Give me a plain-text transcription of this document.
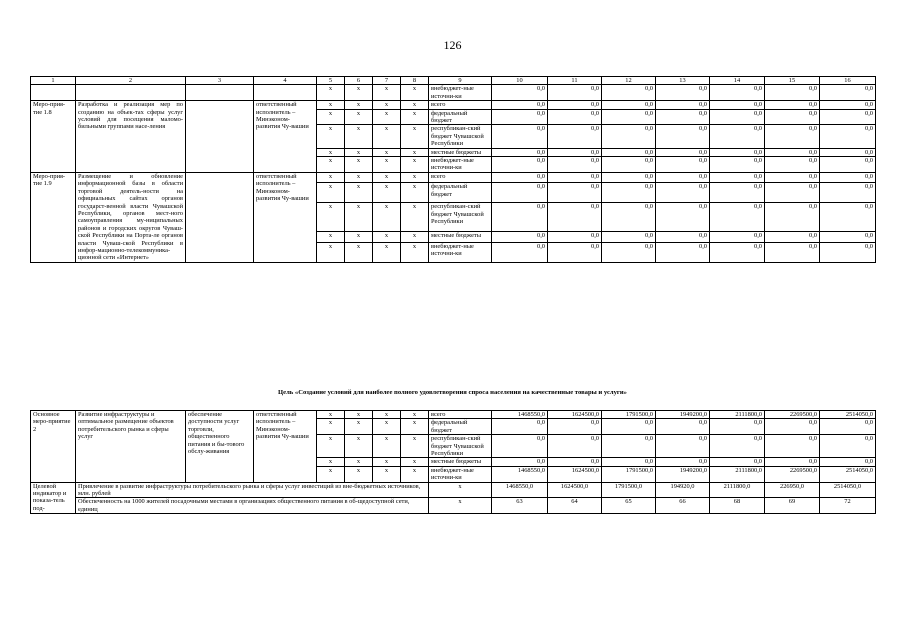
126
1	2	3	4	5	6	7	8	9	10	11	12	13	14	15	16
				x	x	x	x	внебюджет-ные источни-ки	0,0	0,0	0,0	0,0	0,0	0,0	0,0
Меро-прия-тие 1.8	Разработка и реализация мер по созданию на объек-тах сферы услуг условий для посещения маломо-бильными группами насе-ления		ответственный исполнитель – Минэконом-развития Чу-вашии	x	x	x	x	всего	0,0	0,0	0,0	0,0	0,0	0,0	0,0
				x	x	x	x	федеральный бюджет	0,0	0,0	0,0	0,0	0,0	0,0	0,0
				x	x	x	x	республикан-ский бюджет Чувашской Республики	0,0	0,0	0,0	0,0	0,0	0,0	0,0
				x	x	x	x	местные бюджеты	0,0	0,0	0,0	0,0	0,0	0,0	0,0
				x	x	x	x	внебюджет-ные источни-ки	0,0	0,0	0,0	0,0	0,0	0,0	0,0
Меро-прия-тие 1.9	Размещение и обновление информационной базы в области торговой деятель-ности на официальных сайтах органов государст-венной власти Чувашской Республики, органов мест-ного самоуправления му-ниципальных районов и городских округов Чуваш-ской Республики на Порта-ле органов власти Чуваш-ской Республики в инфор-мационно-телекоммуника-ционной сети «Интернет»		ответственный исполнитель – Минэконом-развития Чу-вашии	x	x	x	x	всего	0,0	0,0	0,0	0,0	0,0	0,0	0,0
				x	x	x	x	федеральный бюджет	0,0	0,0	0,0	0,0	0,0	0,0	0,0
				x	x	x	x	республикан-ский бюджет Чувашской Республики	0,0	0,0	0,0	0,0	0,0	0,0	0,0
				x	x	x	x	местные бюджеты	0,0	0,0	0,0	0,0	0,0	0,0	0,0
				x	x	x	x	внебюджет-ные источни-ки	0,0	0,0	0,0	0,0	0,0	0,0	0,0
Цель «Создание условий для наиболее полного удовлетворения спроса населения на качественные товары и услуги»
Основное меро-приятие 2	Развитие инфраструктуры и оптимальное размещение объектов потребительского рынка и сферы услуг	обеспечение доступности услуг торговли, общественного питания и бы-тового обслу-живания	ответственный исполнитель – Минэконом-развития Чу-вашии	x	x	x	x	всего	1468550,0	1624500,0	1791500,0	1949200,0	2111800,0	2269500,0	2514050,0
				x	x	x	x	федеральный бюджет	0,0	0,0	0,0	0,0	0,0	0,0	0,0
				x	x	x	x	республикан-ский бюджет Чувашской Республики	0,0	0,0	0,0	0,0	0,0	0,0	0,0
				x	x	x	x	местные бюджеты	0,0	0,0	0,0	0,0	0,0	0,0	0,0
				x	x	x	x	внебюджет-ные источни-ки	1468550,0	1624500,0	1791500,0	1949200,0	2111800,0	2269500,0	2514050,0
Целевой индикатор и показа-тель под-	Привлечение в развитие инфраструктуры потребительского рынка и сферы услуг инвестиций из вне-бюджетных источников, млн. рублей							x	1468550,0	1624500,0	1791500,0	194920,0	2111800,0	226950,0	2514050,0
	Обеспеченность на 1000 жителей посадочными местами в организациях общественного питания в об-щедоступной сети, единиц							x	63	64	65	66	68	69	72
